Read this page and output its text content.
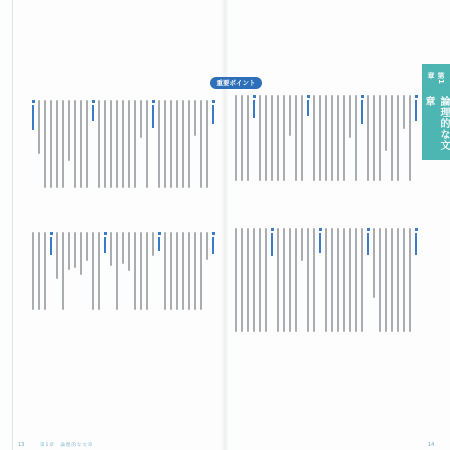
重要ポイント	第1章
論理的な文章
13	第1章　論理的な文章	14
